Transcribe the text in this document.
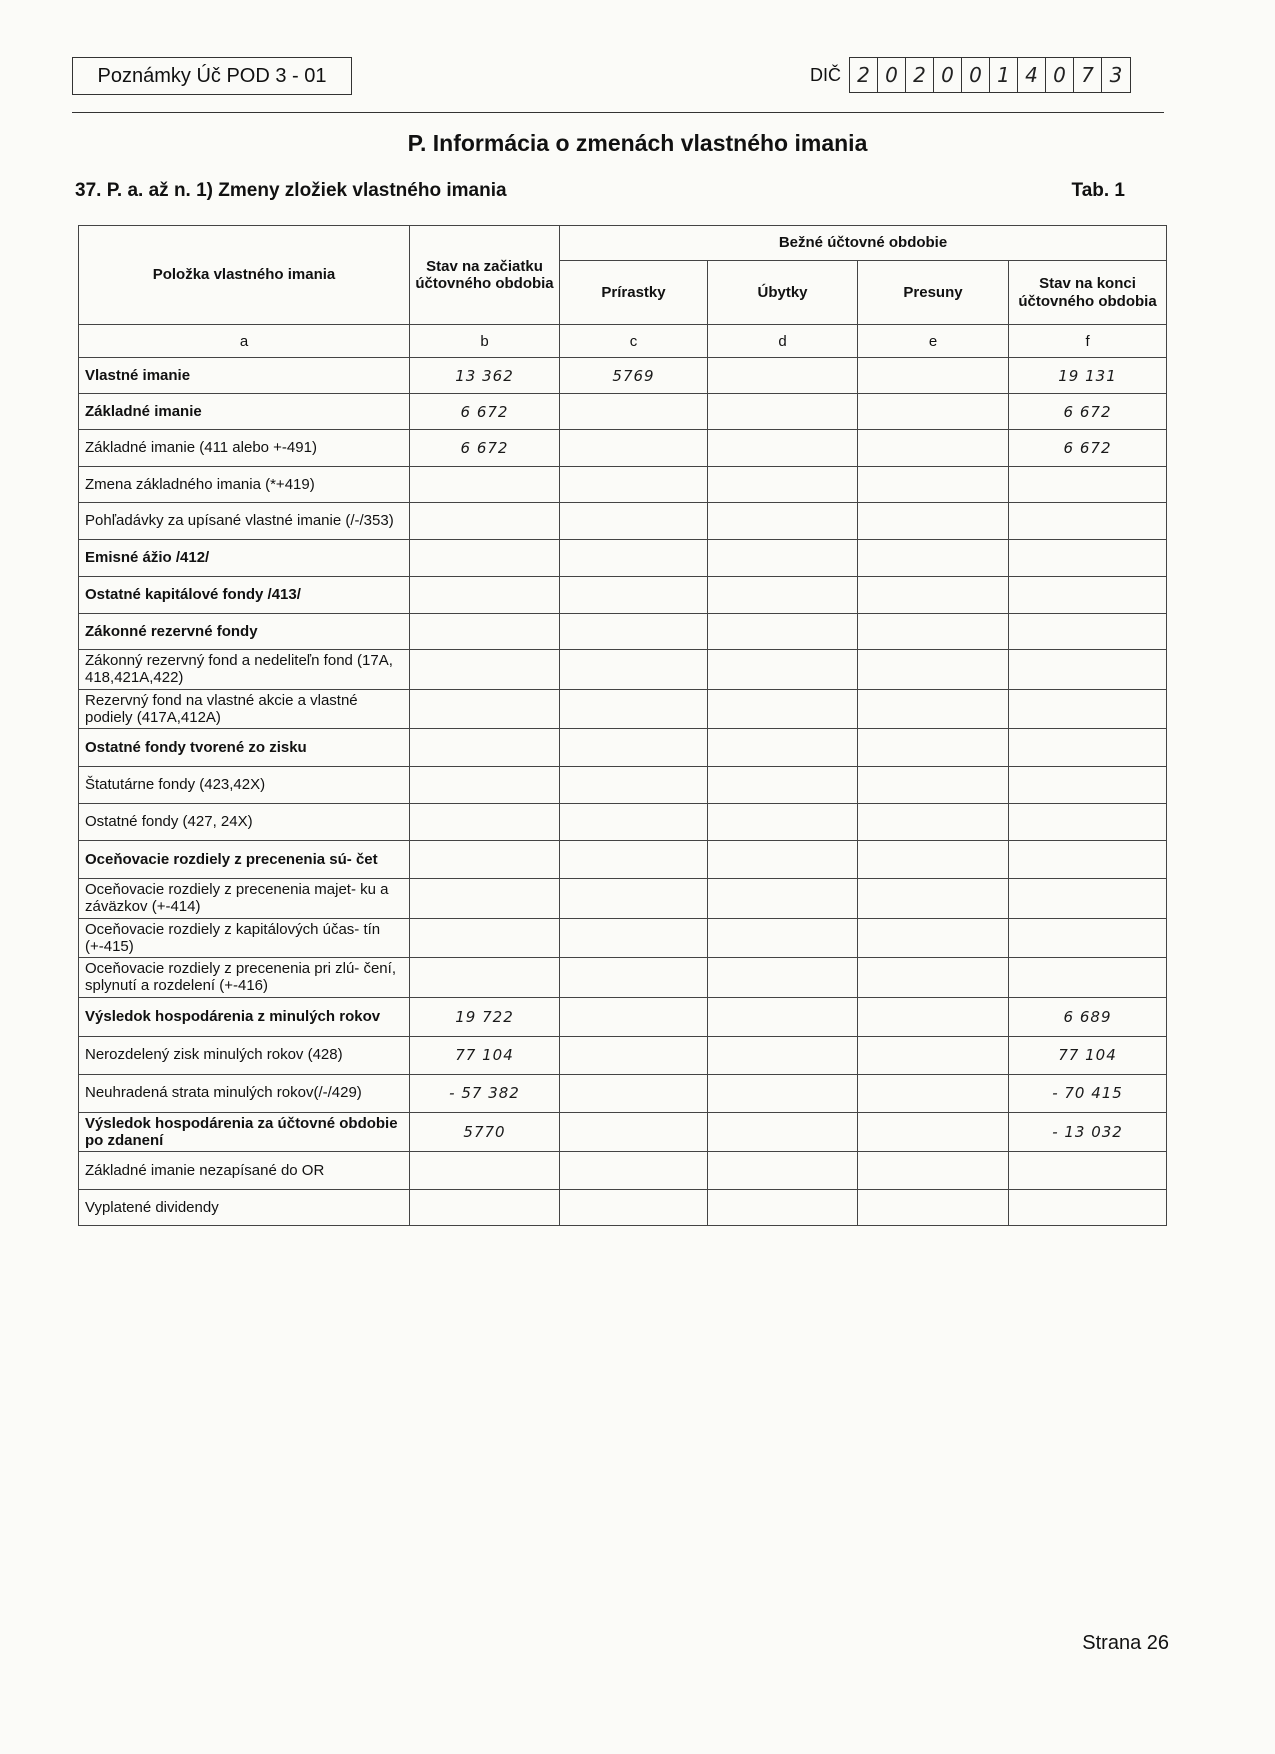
Poznámky Úč POD 3 - 01	DIČ 2 0 2 0 0 1 4 0 7 3
P. Informácia o zmenách vlastného imania
37. P. a. až n. 1) Zmeny zložiek vlastného imania	Tab. 1
Položka vlastného imania	Stav na začiatku účtovného obdobia	Bežné účtovné obdobie			
		Prírastky	Úbytky	Presuny	Stav na konci účtovného obdobia
a	b	c	d	e	f
Vlastné imanie	13 362	5769			19 131
Základné imanie	6 672				6 672
Základné imanie (411 alebo +-491)	6 672				6 672
Zmena základného imania (*+419)					
Pohľadávky za upísané vlastné imanie (/-/353)					
Emisné ážio /412/					
Ostatné kapitálové fondy /413/					
Zákonné rezervné fondy					
Zákonný rezervný fond a nedeliteľn fond (17A, 418,421A,422)					
Rezervný fond na vlastné akcie a vlastné podiely (417A,412A)					
Ostatné fondy tvorené zo zisku					
Štatutárne fondy (423,42X)					
Ostatné fondy (427, 24X)					
Oceňovacie rozdiely z precenenia sú- čet					
Oceňovacie rozdiely z precenenia majet- ku a záväzkov (+-414)					
Oceňovacie rozdiely z kapitálových účas- tín (+-415)					
Oceňovacie rozdiely z precenenia pri zlú- čení, splynutí a rozdelení (+-416)					
Výsledok hospodárenia z minulých rokov	19 722				6 689
Nerozdelený zisk minulých rokov (428)	77 104				77 104
Neuhradená strata minulých rokov(/-/429)	- 57 382				- 70 415
Výsledok hospodárenia za účtovné obdobie po zdanení	5770				- 13 032
Základné imanie nezapísané do OR					
Vyplatené dividendy					
Strana 26
